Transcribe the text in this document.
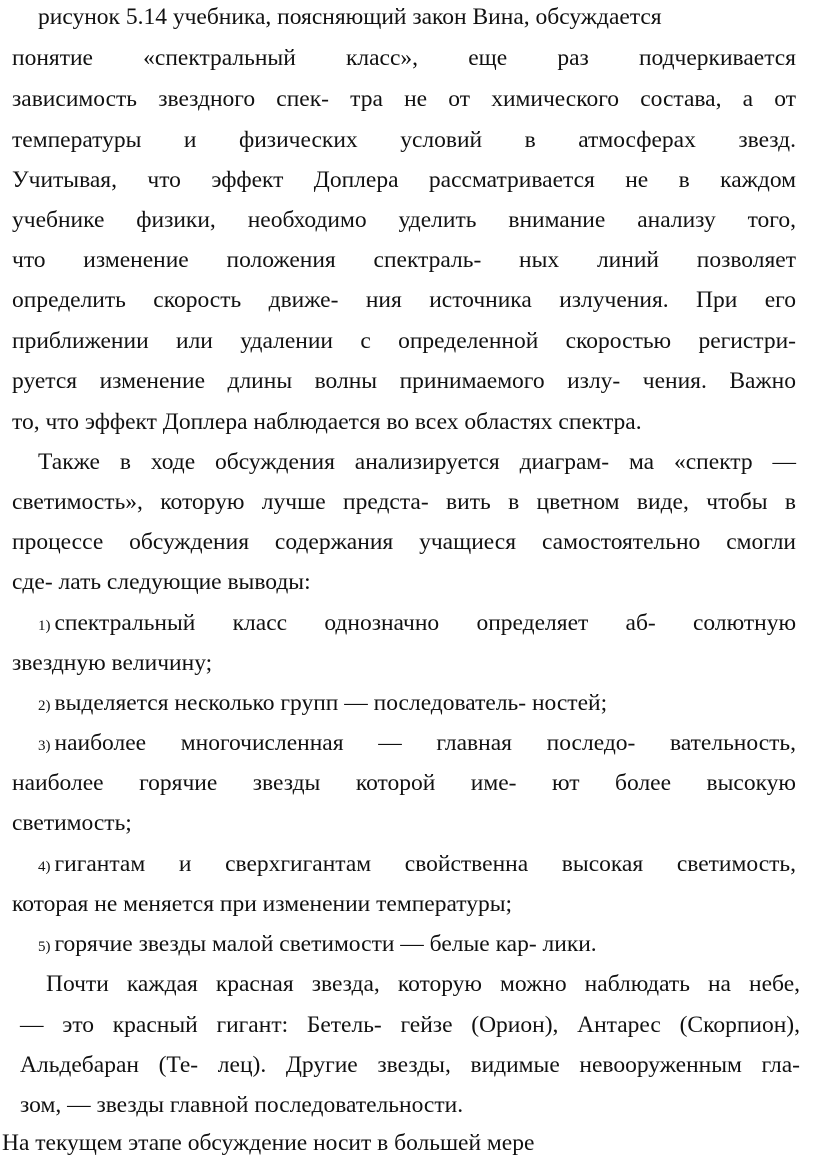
рисунок 5.14 учебника, поясняющий закон Вина, обсуждается
понятие «спектральный класс», еще раз подчеркивается
зависимость звездного спек- тра не от химического состава, а от
температуры и физических условий в атмосферах звезд.
Учитывая, что эффект Доплера рассматривается не в каждом
учебнике физики, необходимо уделить внимание анализу того,
что изменение положения спектраль- ных линий позволяет
определить скорость движе- ния источника излучения. При его
приближении или удалении с определенной скоростью регистри-
руется изменение длины волны принимаемого излу- чения. Важно
то, что эффект Доплера наблюдается во всех областях спектра.
Также в ходе обсуждения анализируется диаграм- ма «спектр —
светимость», которую лучше предста- вить в цветном виде, чтобы в
процессе обсуждения содержания учащиеся самостоятельно смогли
сде- лать следующие выводы:
1) спектральный класс однозначно определяет аб- солютную
звездную величину;
2) выделяется несколько групп — последователь- ностей;
3) наиболее многочисленная — главная последо- вательность,
наиболее горячие звезды которой име- ют более высокую
светимость;
4) гигантам и сверхгигантам свойственна высокая светимость,
которая не меняется при изменении температуры;
5) горячие звезды малой светимости — белые кар- лики.
Почти каждая красная звезда, которую можно наблюдать на небе,
— это красный гигант: Бетель- гейзе (Орион), Антарес (Скорпион),
Альдебаран (Те- лец). Другие звезды, видимые невооруженным гла-
зом, — звезды главной последовательности.
На текущем этапе обсуждение носит в большей мере
